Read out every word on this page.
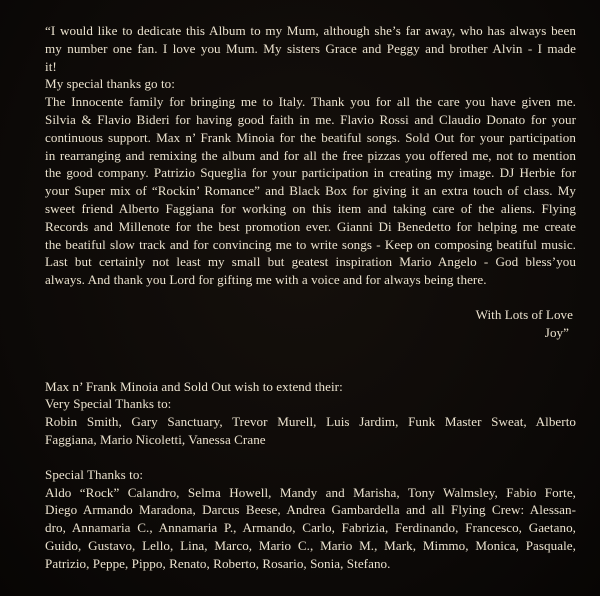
“I would like to dedicate this Album to my Mum, although she’s far away, who has always been
my number one fan. I love you Mum. My sisters Grace and Peggy and brother Alvin - I made
it!
My special thanks go to:
The Innocente family for bringing me to Italy. Thank you for all the care you have given me.
Silvia & Flavio Bideri for having good faith in me. Flavio Rossi and Claudio Donato for your
continuous support. Max n’ Frank Minoia for the beatiful songs. Sold Out for your participation
in rearranging and remixing the album and for all the free pizzas you offered me, not to mention
the good company. Patrizio Squeglia for your participation in creating my image. DJ Herbie for
your Super mix of “Rockin’ Romance” and Black Box for giving it an extra touch of class. My
sweet friend Alberto Faggiana for working on this item and taking care of the aliens. Flying
Records and Millenote for the best promotion ever. Gianni Di Benedetto for helping me create
the beatiful slow track and for convincing me to write songs - Keep on composing beatiful music.
Last but certainly not least my small but geatest inspiration Mario Angelo - God bless’you
always. And thank you Lord for gifting me with a voice and for always being there.
With Lots of Love
Joy”
Max n’ Frank Minoia and Sold Out wish to extend their:
Very Special Thanks to:
Robin Smith, Gary Sanctuary, Trevor Murell, Luis Jardim, Funk Master Sweat, Alberto
Faggiana, Mario Nicoletti, Vanessa Crane
Special Thanks to:
Aldo “Rock” Calandro, Selma Howell, Mandy and Marisha, Tony Walmsley, Fabio Forte,
Diego Armando Maradona, Darcus Beese, Andrea Gambardella and all Flying Crew: Alessan-
dro, Annamaria C., Annamaria P., Armando, Carlo, Fabrizia, Ferdinando, Francesco, Gaetano,
Guido, Gustavo, Lello, Lina, Marco, Mario C., Mario M., Mark, Mimmo, Monica, Pasquale,
Patrizio, Peppe, Pippo, Renato, Roberto, Rosario, Sonia, Stefano.
